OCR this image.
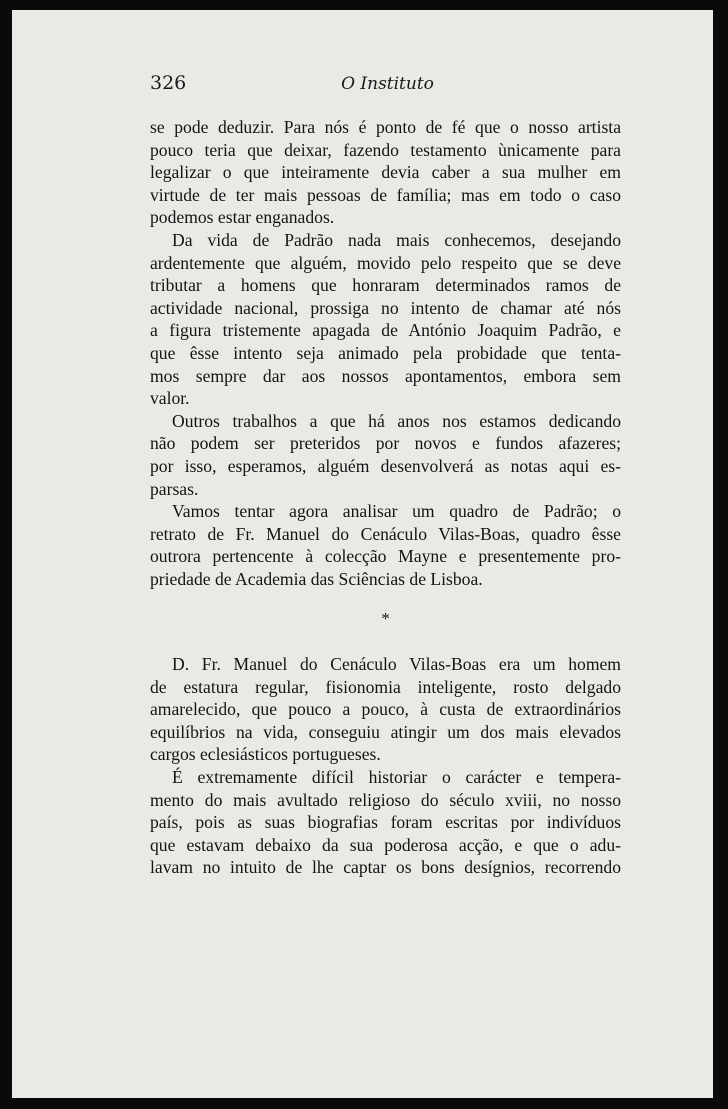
326	O Instituto
se pode deduzir. Para nós é ponto de fé que o nosso artista
pouco teria que deixar, fazendo testamento ùnicamente para
legalizar o que inteiramente devia caber a sua mulher em
virtude de ter mais pessoas de família; mas em todo o caso
podemos estar enganados.
Da vida de Padrão nada mais conhecemos, desejando
ardentemente que alguém, movido pelo respeito que se deve
tributar a homens que honraram determinados ramos de
actividade nacional, prossiga no intento de chamar até nós
a figura tristemente apagada de António Joaquim Padrão, e
que êsse intento seja animado pela probidade que tenta-
mos sempre dar aos nossos apontamentos, embora sem
valor.
Outros trabalhos a que há anos nos estamos dedicando
não podem ser preteridos por novos e fundos afazeres;
por isso, esperamos, alguém desenvolverá as notas aqui es-
parsas.
Vamos tentar agora analisar um quadro de Padrão; o
retrato de Fr. Manuel do Cenáculo Vilas-Boas, quadro êsse
outrora pertencente à colecção Mayne e presentemente pro-
priedade de Academia das Sciências de Lisboa.
*
D. Fr. Manuel do Cenáculo Vilas-Boas era um homem
de estatura regular, fisionomia inteligente, rosto delgado
amarelecido, que pouco a pouco, à custa de extraordinários
equilíbrios na vida, conseguiu atingir um dos mais elevados
cargos eclesiásticos portugueses.
É extremamente difícil historiar o carácter e tempera-
mento do mais avultado religioso do século xviii, no nosso
país, pois as suas biografias foram escritas por indivíduos
que estavam debaixo da sua poderosa acção, e que o adu-
lavam no intuito de lhe captar os bons desígnios, recorrendo
